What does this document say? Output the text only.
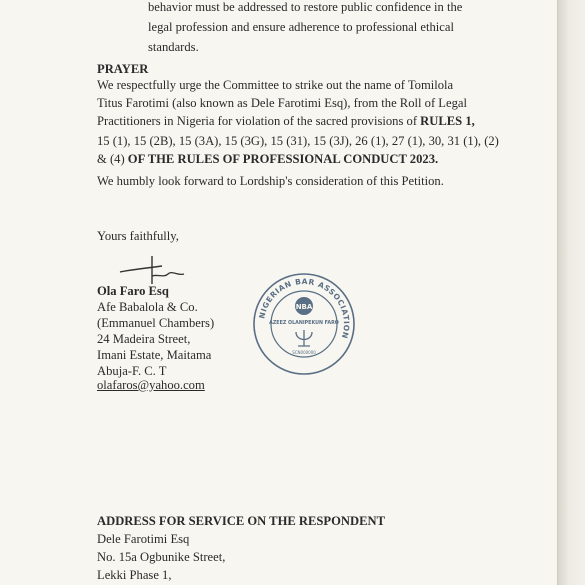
behavior must be addressed to restore public confidence in the
legal profession and ensure adherence to professional ethical
standards.
PRAYER
We respectfully urge the Committee to strike out the name of Tomilola
Titus Farotimi (also known as Dele Farotimi Esq), from the Roll of Legal
Practitioners in Nigeria for violation of the sacred provisions of RULES 1,
15 (1), 15 (2B), 15 (3A), 15 (3G), 15 (31), 15 (3J), 26 (1), 27 (1), 30, 31 (1), (2)
& (4) OF THE RULES OF PROFESSIONAL CONDUCT 2023.
We humbly look forward to Lordship's consideration of this Petition.
Yours faithfully,
Ola Faro Esq
Afe Babalola & Co.
(Emmanuel Chambers)
24 Madeira Street,
Imani Estate, Maitama
Abuja-F. C. T
olafaros@yahoo.com
NIGERIAN BAR ASSOCIATION
NBA
AZEEZ OLANIPEKUN FARO
SCN000000
ADDRESS FOR SERVICE ON THE RESPONDENT
Dele Farotimi Esq
No. 15a Ogbunike Street,
Lekki Phase 1,
